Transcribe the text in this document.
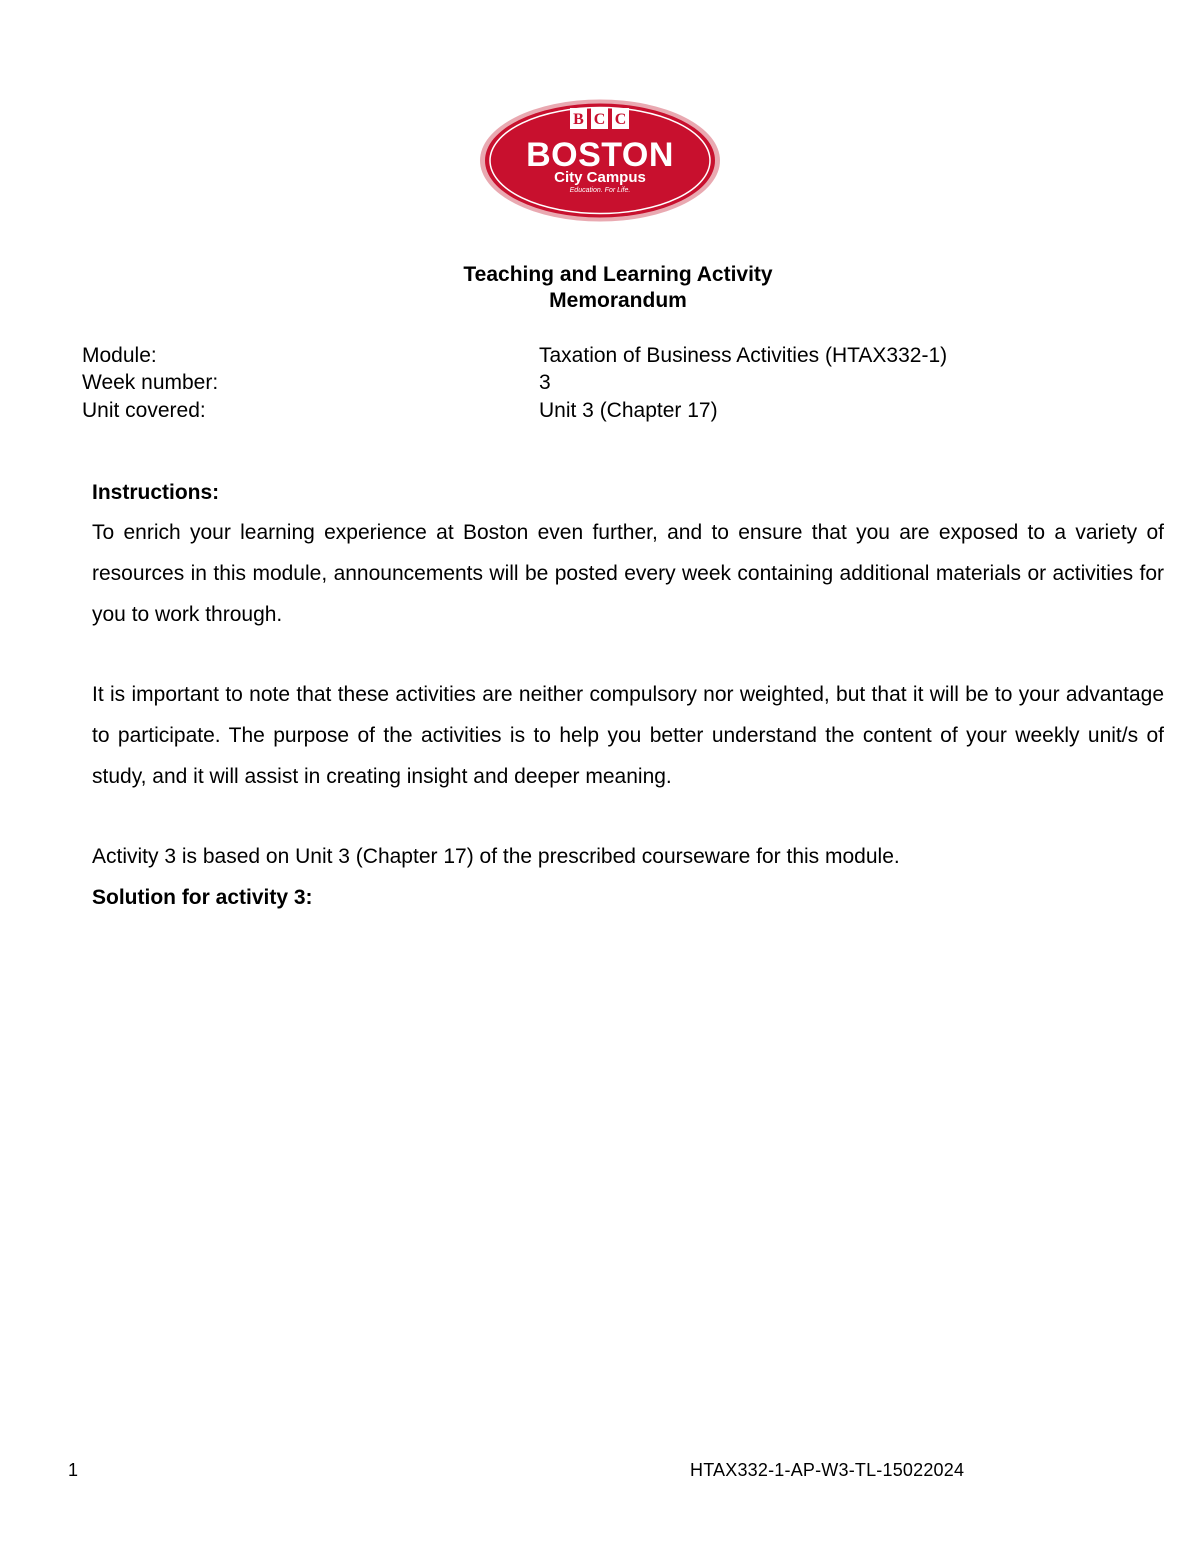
B C C
BOSTON
City Campus
Education. For Life.
Teaching and Learning Activity
Memorandum
Module:	Taxation of Business Activities (HTAX332-1)
Week number:	3
Unit covered:	Unit 3 (Chapter 17)
Instructions:
To enrich your learning experience at Boston even further, and to ensure that you are exposed to a variety of resources in this module, announcements will be posted every week containing additional materials or activities for you to work through.
It is important to note that these activities are neither compulsory nor weighted, but that it will be to your advantage to participate. The purpose of the activities is to help you better understand the content of your weekly unit/s of study, and it will assist in creating insight and deeper meaning.
Activity 3 is based on Unit 3 (Chapter 17) of the prescribed courseware for this module.
Solution for activity 3:
1	HTAX332-1-AP-W3-TL-15022024
